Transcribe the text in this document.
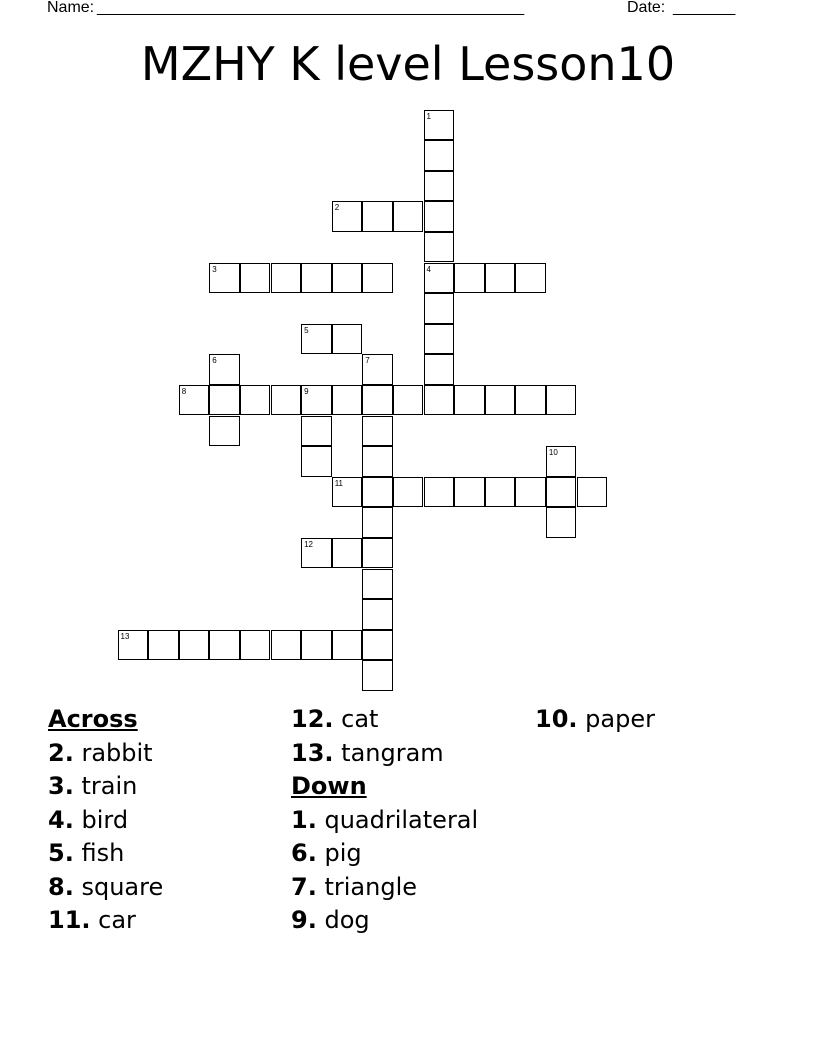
Name: ________________________________________________	Date: _______
MZHY K level Lesson10
1
4
2
3
5
6	7
8	9
10
11
12
13
Across
2. rabbit
3. train
4. bird
5. fish
8. square
11. car
12. cat
13. tangram
Down
1. quadrilateral
6. pig
7. triangle
9. dog
10. paper
